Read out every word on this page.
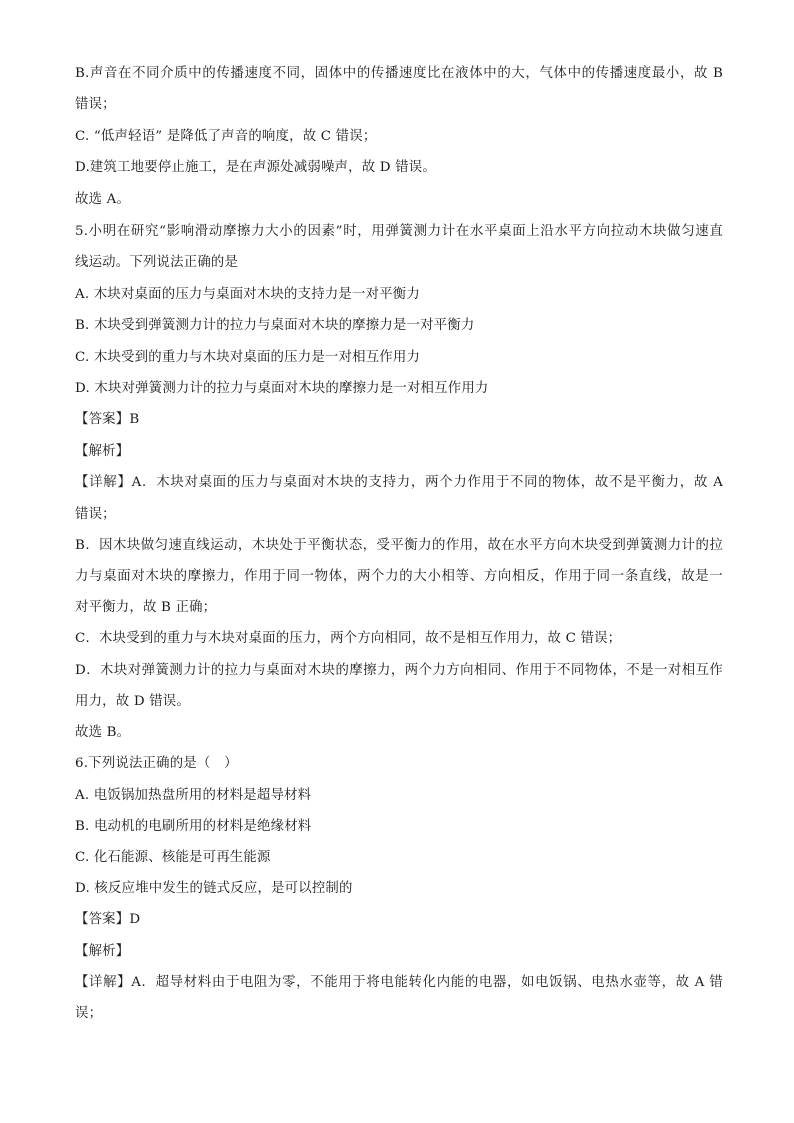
B.声音在不同介质中的传播速度不同，固体中的传播速度比在液体中的大，气体中的传播速度最小，故 B
错误；
C. “低声轻语” 是降低了声音的响度，故 C 错误；
D.建筑工地要停止施工，是在声源处减弱噪声，故 D 错误。
故选 A。
5.小明在研究“影响滑动摩擦力大小的因素”时，用弹簧测力计在水平桌面上沿水平方向拉动木块做匀速直
线运动。下列说法正确的是
A. 木块对桌面的压力与桌面对木块的支持力是一对平衡力
B. 木块受到弹簧测力计的拉力与桌面对木块的摩擦力是一对平衡力
C. 木块受到的重力与木块对桌面的压力是一对相互作用力
D. 木块对弹簧测力计的拉力与桌面对木块的摩擦力是一对相互作用力
【答案】B
【解析】
【详解】A．木块对桌面的压力与桌面对木块的支持力，两个力作用于不同的物体，故不是平衡力，故 A
错误；
B．因木块做匀速直线运动，木块处于平衡状态，受平衡力的作用，故在水平方向木块受到弹簧测力计的拉
力与桌面对木块的摩擦力，作用于同一物体，两个力的大小相等、方向相反，作用于同一条直线，故是一
对平衡力，故 B 正确；
C．木块受到的重力与木块对桌面的压力，两个方向相同，故不是相互作用力，故 C 错误；
D．木块对弹簧测力计的拉力与桌面对木块的摩擦力，两个力方向相同、作用于不同物体，不是一对相互作
用力，故 D 错误。
故选 B。
6.下列说法正确的是（　）
A. 电饭锅加热盘所用的材料是超导材料
B. 电动机的电刷所用的材料是绝缘材料
C. 化石能源、核能是可再生能源
D. 核反应堆中发生的链式反应，是可以控制的
【答案】D
【解析】
【详解】A．超导材料由于电阻为零，不能用于将电能转化内能的电器，如电饭锅、电热水壶等，故 A 错
误；
